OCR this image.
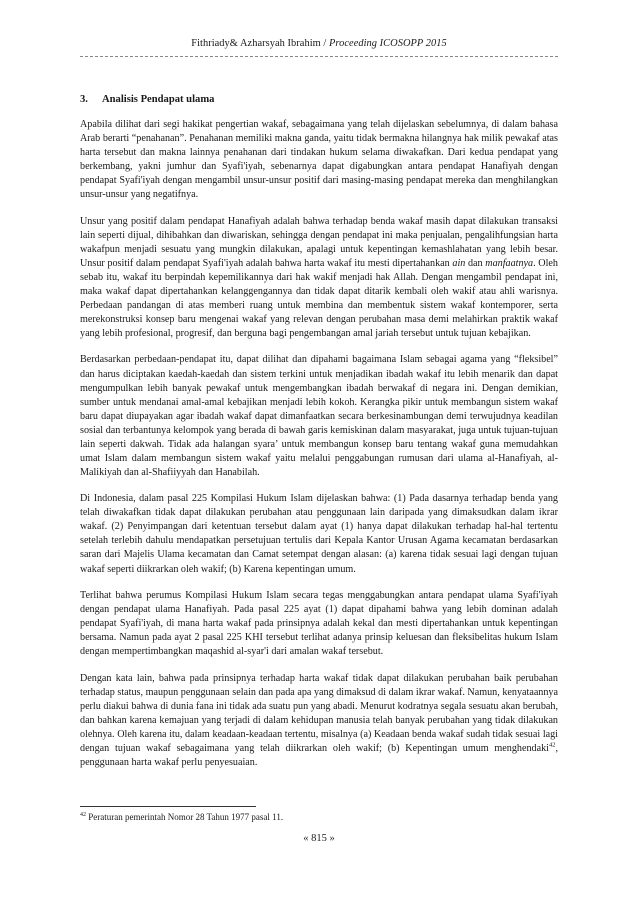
Fithriady& Azharsyah Ibrahim / Proceeding ICOSOPP 2015
3. Analisis Pendapat ulama

Apabila dilihat dari segi hakikat pengertian wakaf, sebagaimana yang telah dijelaskan sebelumnya, di dalam bahasa Arab berarti “penahanan”. Penahanan memiliki makna ganda, yaitu tidak bermakna hilangnya hak milik pewakaf atas harta tersebut dan makna lainnya penahanan dari tindakan hukum selama diwakafkan. Dari kedua pendapat yang berkembang, yakni jumhur dan Syafi'iyah, sebenarnya dapat digabungkan antara pendapat Hanafiyah dengan pendapat Syafi'iyah dengan mengambil unsur-unsur positif dari masing-masing pendapat mereka dan menghilangkan unsur-unsur yang negatifnya.

Unsur yang positif dalam pendapat Hanafiyah adalah bahwa terhadap benda wakaf masih dapat dilakukan transaksi lain seperti dijual, dihibahkan dan diwariskan, sehingga dengan pendapat ini maka penjualan, pengalihfungsian harta wakafpun menjadi sesuatu yang mungkin dilakukan, apalagi untuk kepentingan kemashlahatan yang lebih besar. Unsur positif dalam pendapat Syafi'iyah adalah bahwa harta wakaf itu mesti dipertahankan ain dan manfaatnya. Oleh sebab itu, wakaf itu berpindah kepemilikannya dari hak wakif menjadi hak Allah. Dengan mengambil pendapat ini, maka wakaf dapat dipertahankan kelanggengannya dan tidak dapat ditarik kembali oleh wakif atau ahli warisnya. Perbedaan pandangan di atas memberi ruang untuk membina dan membentuk sistem wakaf kontemporer, serta merekonstruksi konsep baru mengenai wakaf yang relevan dengan perubahan masa demi melahirkan praktik wakaf yang lebih profesional, progresif, dan berguna bagi pengembangan amal jariah tersebut untuk tujuan kebajikan.

Berdasarkan perbedaan-pendapat itu, dapat dilihat dan dipahami bagaimana Islam sebagai agama yang “fleksibel” dan harus diciptakan kaedah-kaedah dan sistem terkini untuk menjadikan ibadah wakaf itu lebih menarik dan dapat mengumpulkan lebih banyak pewakaf untuk mengembangkan ibadah berwakaf di negara ini. Dengan demikian, sumber untuk mendanai amal-amal kebajikan menjadi lebih kokoh. Kerangka pikir untuk membangun sistem wakaf baru dapat diupayakan agar ibadah wakaf dapat dimanfaatkan secara berkesinambungan demi terwujudnya keadilan sosial dan terbantunya kelompok yang berada di bawah garis kemiskinan dalam masyarakat, juga untuk tujuan-tujuan lain seperti dakwah. Tidak ada halangan syara’ untuk membangun konsep baru tentang wakaf guna memudahkan umat Islam dalam membangun sistem wakaf yaitu melalui penggabungan rumusan dari ulama al-Hanafiyah, al-Malikiyah dan al-Shafiiyyah dan Hanabilah.

Di Indonesia, dalam pasal 225 Kompilasi Hukum Islam dijelaskan bahwa: (1) Pada dasarnya terhadap benda yang telah diwakafkan tidak dapat dilakukan perubahan atau penggunaan lain daripada yang dimaksudkan dalam ikrar wakaf. (2) Penyimpangan dari ketentuan tersebut dalam ayat (1) hanya dapat dilakukan terhadap hal-hal tertentu setelah terlebih dahulu mendapatkan persetujuan tertulis dari Kepala Kantor Urusan Agama kecamatan berdasarkan saran dari Majelis Ulama kecamatan dan Camat setempat dengan alasan: (a) karena tidak sesuai lagi dengan tujuan wakaf seperti diikrarkan oleh wakif; (b) Karena kepentingan umum.

Terlihat bahwa perumus Kompilasi Hukum Islam secara tegas menggabungkan antara pendapat ulama Syafi'iyah dengan pendapat ulama Hanafiyah. Pada pasal 225 ayat (1) dapat dipahami bahwa yang lebih dominan adalah pendapat Syafi'iyah, di mana harta wakaf pada prinsipnya adalah kekal dan mesti dipertahankan untuk kepentingan bersama. Namun pada ayat 2 pasal 225 KHI tersebut terlihat adanya prinsip keluesan dan fleksibelitas hukum Islam dengan mempertimbangkan maqashid al-syar'i dari amalan wakaf tersebut.

Dengan kata lain, bahwa pada prinsipnya terhadap harta wakaf tidak dapat dilakukan perubahan baik perubahan terhadap status, maupun penggunaan selain dan pada apa yang dimaksud di dalam ikrar wakaf. Namun, kenyataannya perlu diakui bahwa di dunia fana ini tidak ada suatu pun yang abadi. Menurut kodratnya segala sesuatu akan berubah, dan bahkan karena kemajuan yang terjadi di dalam kehidupan manusia telah banyak perubahan yang tidak dilakukan olehnya. Oleh karena itu, dalam keadaan-keadaan tertentu, misalnya (a) Keadaan benda wakaf sudah tidak sesuai lagi dengan tujuan wakaf sebagaimana yang telah diikrarkan oleh wakif; (b) Kepentingan umum menghendaki$^{42}$, penggunaan harta wakaf perlu penyesuaian.

$^{42}$ Peraturan pemerintah Nomor 28 Tahun 1977 pasal 11.
« 815 »
